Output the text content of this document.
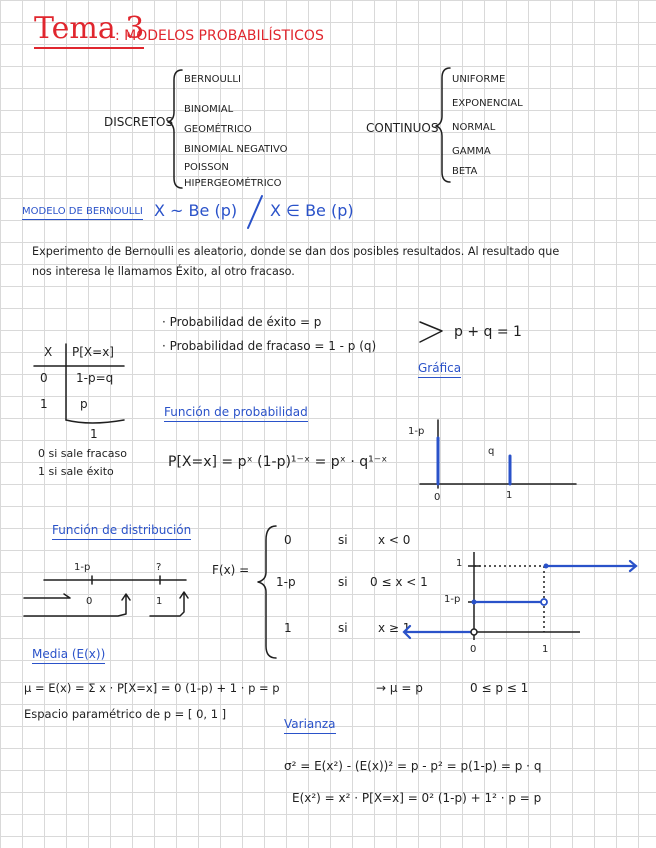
Tema 3
: MODELOS PROBABILÍSTICOS
DISCRETOS
BERNOULLI
BINOMIAL
GEOMÉTRICO
BINOMIAL NEGATIVO
POISSON
HIPERGEOMÉTRICO
CONTINUOS
UNIFORME
EXPONENCIAL
NORMAL
GAMMA
BETA
MODELO DE BERNOULLI X ~ Be (p) X ∈ Be (p)
Experimento de Bernoulli es aleatorio, donde se dan dos posibles resultados. Al resultado que
nos interesa le llamamos Éxito, al otro fracaso.
· Probabilidad de éxito = p
· Probabilidad de fracaso = 1 - p (q)
p + q = 1
X P[X=x]
0 1-p=q
1	p
1
0 si sale fracaso
1 si sale éxito
Gráfica
Función de probabilidad
P[X=x] = pˣ (1-p)¹⁻ˣ = pˣ · q¹⁻ˣ
1-p
q
0	1
Función de distribución
1-p	?
0	1
F(x) =
0	si	x < 0
1-p	si 0 ≤ x < 1
1	si	x ≥ 1
1
1-p
0	1
Media (E(x))
μ = E(x) = Σ x · P[X=x] = 0 (1-p) + 1 · p = p	→ μ = p	0 ≤ p ≤ 1
Espacio paramétrico de p = [ 0, 1 ]
Varianza
σ² = E(x²) - (E(x))² = p - p² = p(1-p) = p · q
E(x²) = x² · P[X=x] = 0² (1-p) + 1² · p = p
